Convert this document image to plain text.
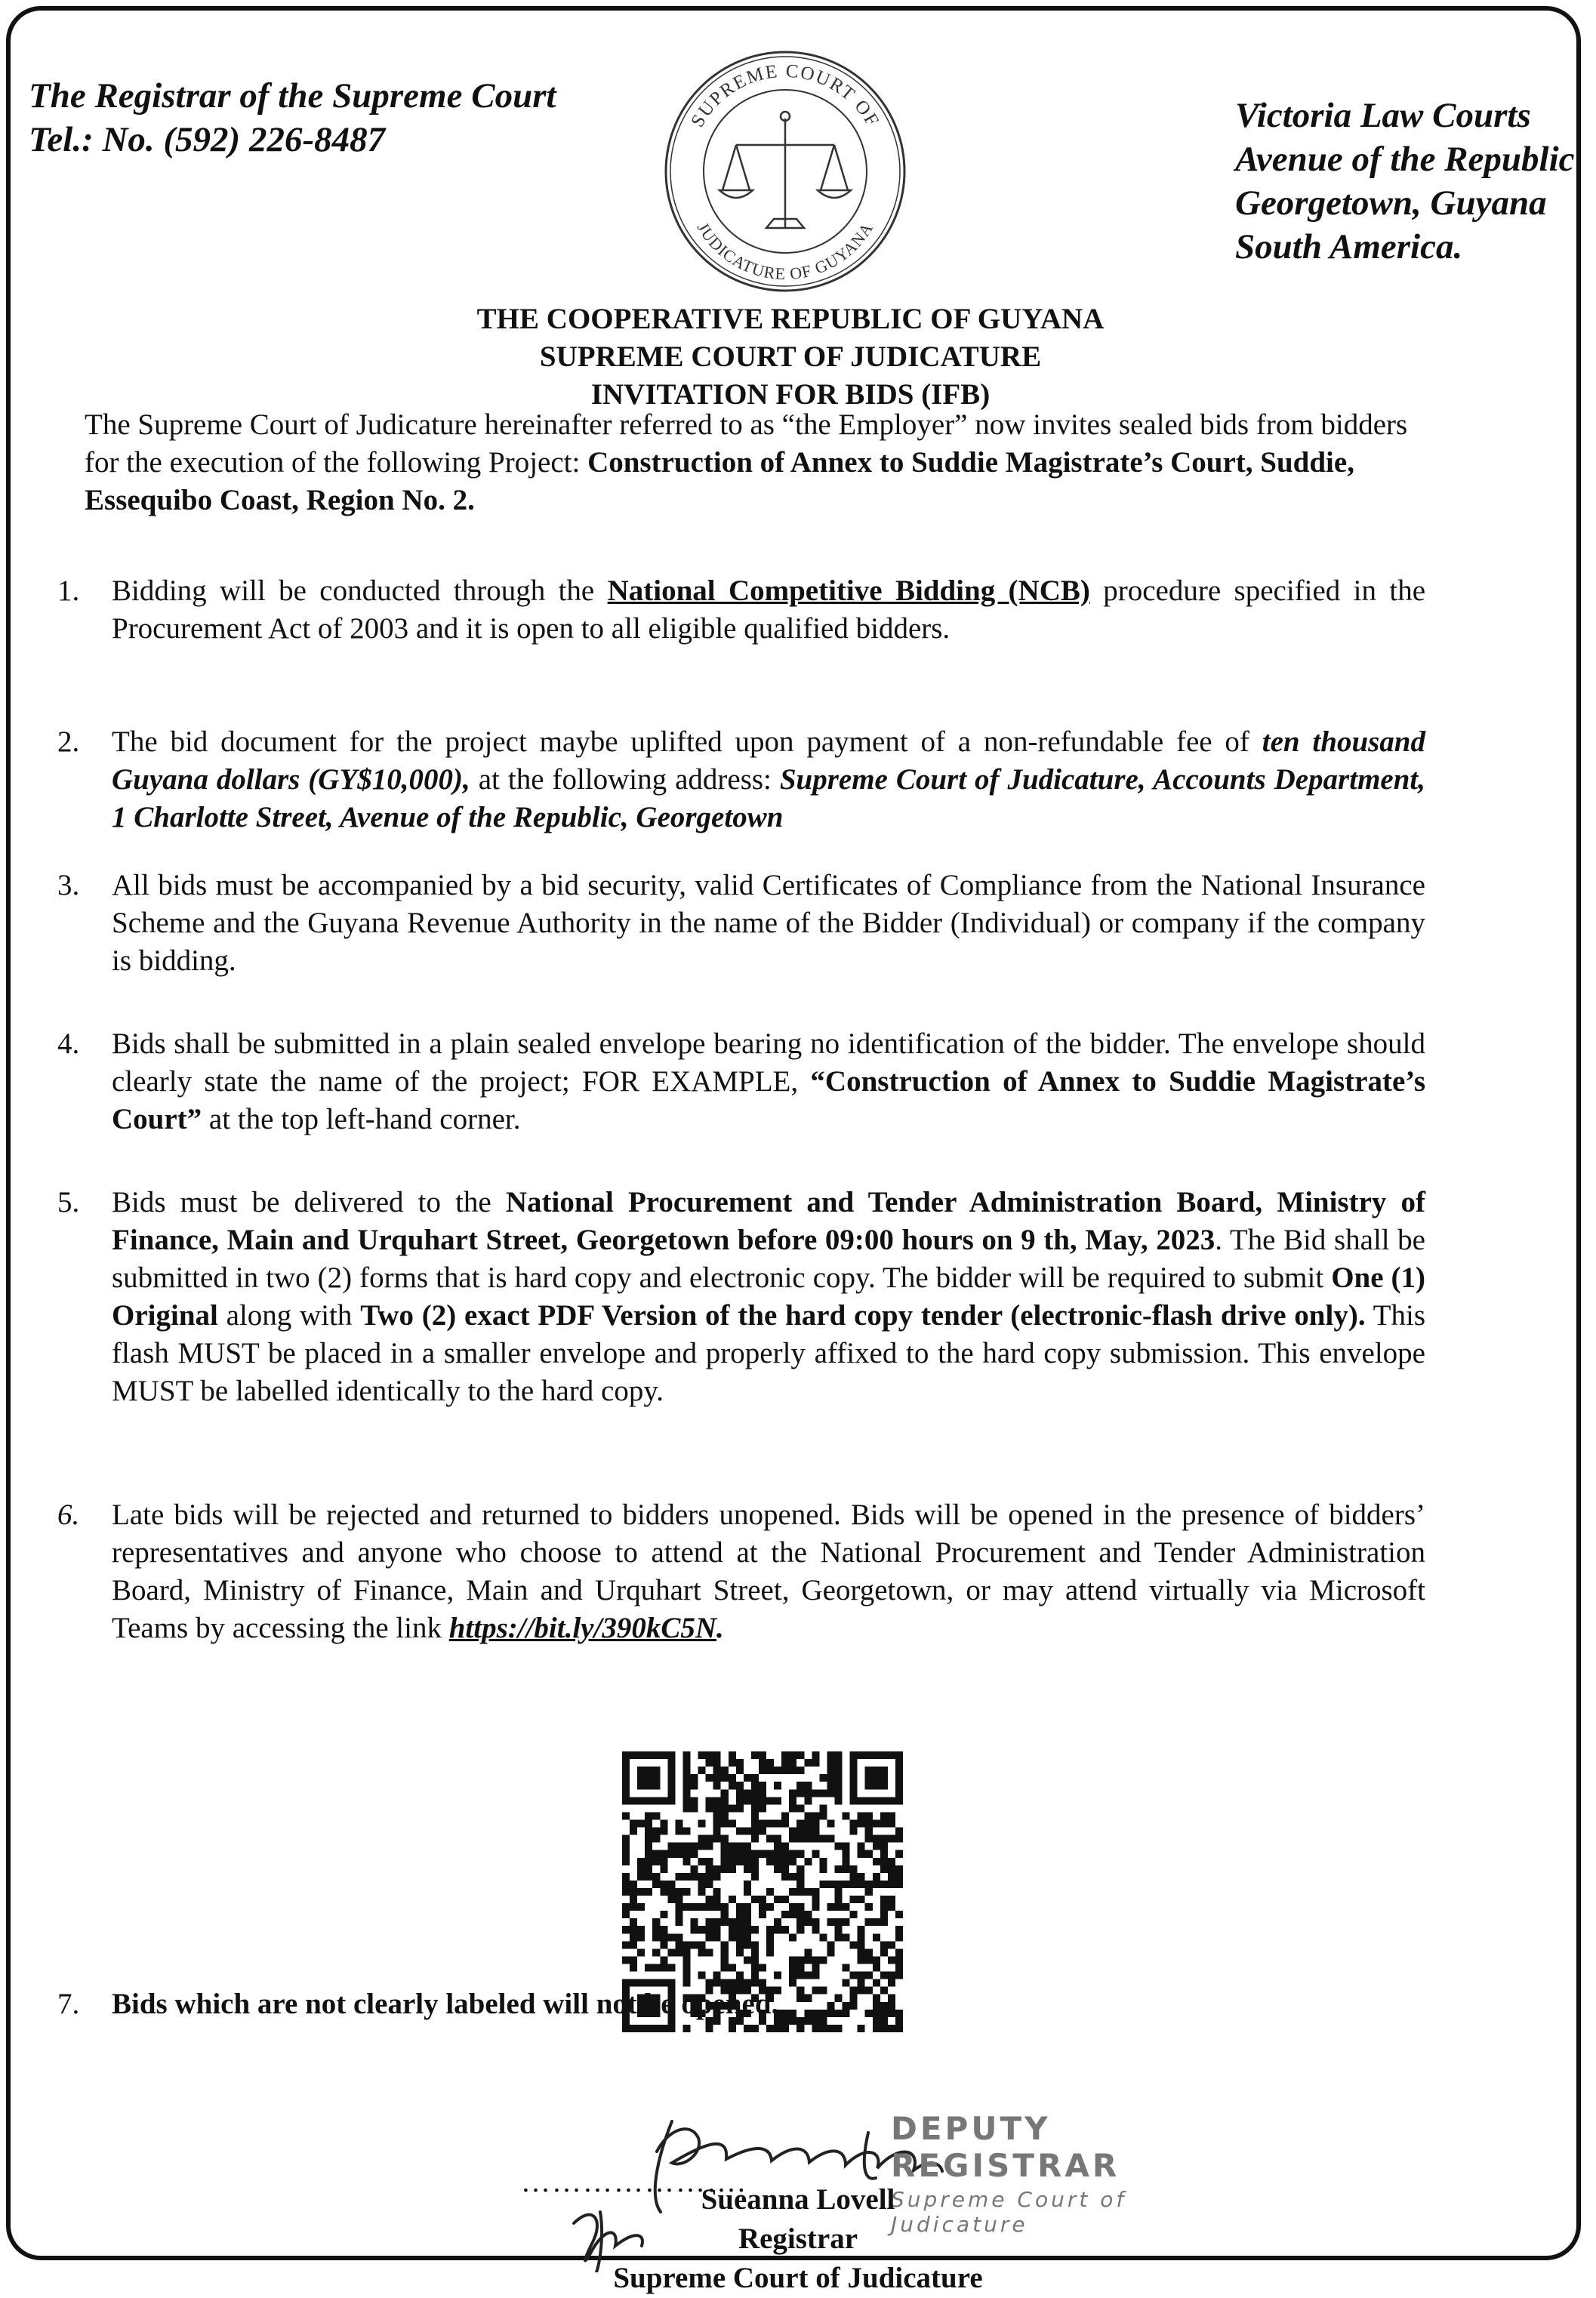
The Registrar of the Supreme Court
Tel.: No. (592) 226-8487	SUPREME COURT OF
JUDICATURE OF GUYANA
Victoria Law Courts
Avenue of the Republic
Georgetown, Guyana
South America.
THE COOPERATIVE REPUBLIC OF GUYANA
SUPREME COURT OF JUDICATURE
INVITATION FOR BIDS (IFB)
The Supreme Court of Judicature hereinafter referred to as “the Employer” now invites sealed bids from bidders for the execution of the following Project: Construction of Annex to Suddie Magistrate’s Court, Suddie, Essequibo Coast, Region No. 2.
1. Bidding will be conducted through the National Competitive Bidding (NCB) procedure specified in the Procurement Act of 2003 and it is open to all eligible qualified bidders.
2. The bid document for the project maybe uplifted upon payment of a non-refundable fee of ten thousand Guyana dollars (GY$10,000), at the following address: Supreme Court of Judicature, Accounts Department, 1 Charlotte Street, Avenue of the Republic, Georgetown
3. All bids must be accompanied by a bid security, valid Certificates of Compliance from the National Insurance Scheme and the Guyana Revenue Authority in the name of the Bidder (Individual) or company if the company is bidding.
4. Bids shall be submitted in a plain sealed envelope bearing no identification of the bidder. The envelope should clearly state the name of the project; FOR EXAMPLE, “Construction of Annex to Suddie Magistrate’s Court” at the top left-hand corner.
5. Bids must be delivered to the National Procurement and Tender Administration Board, Ministry of Finance, Main and Urquhart Street, Georgetown before 09:00 hours on 9 th, May, 2023. The Bid shall be submitted in two (2) forms that is hard copy and electronic copy. The bidder will be required to submit One (1) Original along with Two (2) exact PDF Version of the hard copy tender (electronic-flash drive only). This flash MUST be placed in a smaller envelope and properly affixed to the hard copy submission. This envelope MUST be labelled identically to the hard copy.
6. Late bids will be rejected and returned to bidders unopened. Bids will be opened in the presence of bidders’ representatives and anyone who choose to attend at the National Procurement and Tender Administration Board, Ministry of Finance, Main and Urquhart Street, Georgetown, or may attend virtually via Microsoft Teams by accessing the link https://bit.ly/390kC5N.
7. Bids which are not clearly labeled will not be opened.
DEPUTY REGISTRAR
Supreme Court of Judicature
………………….
Sueanna Lovell
Registrar
Supreme Court of Judicature
